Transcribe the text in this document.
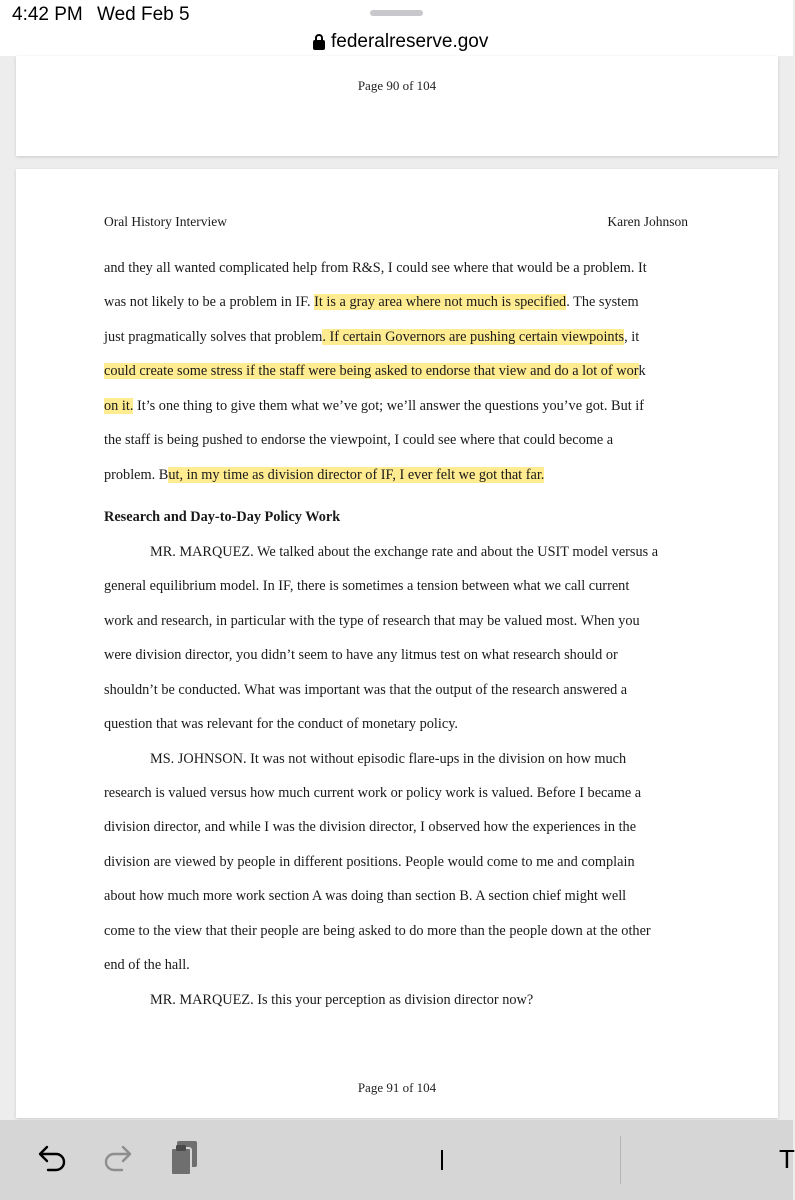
4:42 PM Wed Feb 5
federalreserve.gov
Page 90 of 104
Oral History Interview	Karen Johnson
and they all wanted complicated help from R&S, I could see where that would be a problem. It
was not likely to be a problem in IF. It is a gray area where not much is specified. The system
just pragmatically solves that problem. If certain Governors are pushing certain viewpoints, it
could create some stress if the staff were being asked to endorse that view and do a lot of work
on it. It’s one thing to give them what we’ve got; we’ll answer the questions you’ve got. But if
the staff is being pushed to endorse the viewpoint, I could see where that could become a
problem. But, in my time as division director of IF, I ever felt we got that far.
Research and Day-to-Day Policy Work
MR. MARQUEZ. We talked about the exchange rate and about the USIT model versus a
general equilibrium model. In IF, there is sometimes a tension between what we call current
work and research, in particular with the type of research that may be valued most. When you
were division director, you didn’t seem to have any litmus test on what research should or
shouldn’t be conducted. What was important was that the output of the research answered a
question that was relevant for the conduct of monetary policy.
MS. JOHNSON. It was not without episodic flare-ups in the division on how much
research is valued versus how much current work or policy work is valued. Before I became a
division director, and while I was the division director, I observed how the experiences in the
division are viewed by people in different positions. People would come to me and complain
about how much more work section A was doing than section B. A section chief might well
come to the view that their people are being asked to do more than the people down at the other
end of the hall.
MR. MARQUEZ. Is this your perception as division director now?
Page 91 of 104
T
